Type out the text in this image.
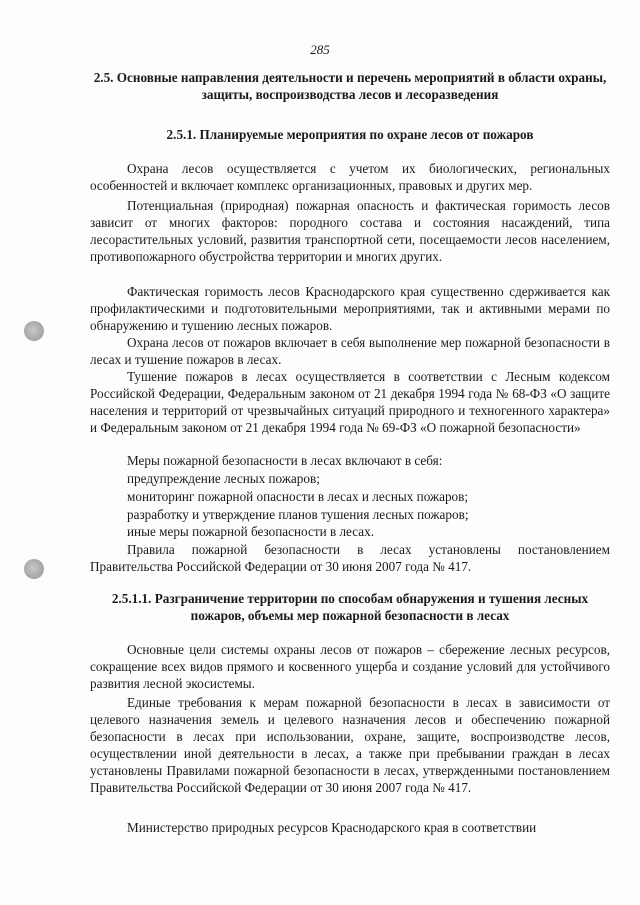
285
2.5. Основные направления деятельности и перечень мероприятий в области охраны, защиты, воспроизводства лесов и лесоразведения
2.5.1. Планируемые мероприятия по охране лесов от пожаров
Охрана лесов осуществляется с учетом их биологических, региональных особенностей и включает комплекс организационных, правовых и других мер.
Потенциальная (природная) пожарная опасность и фактическая горимость лесов зависит от многих факторов: породного состава и состояния насаждений, типа лесорастительных условий, развития транспортной сети, посещаемости лесов населением, противопожарного обустройства территории и многих других.
Фактическая горимость лесов Краснодарского края существенно сдерживается как профилактическими и подготовительными мероприятиями, так и активными мерами по обнаружению и тушению лесных пожаров.
Охрана лесов от пожаров включает в себя выполнение мер пожарной безопасности в лесах и тушение пожаров в лесах.
Тушение пожаров в лесах осуществляется в соответствии с Лесным кодексом Российской Федерации, Федеральным законом от 21 декабря 1994 года № 68-ФЗ «О защите населения и территорий от чрезвычайных ситуаций природного и техногенного характера» и Федеральным законом от 21 декабря 1994 года № 69-ФЗ «О пожарной безопасности»
Меры пожарной безопасности в лесах включают в себя:
предупреждение лесных пожаров;
мониторинг пожарной опасности в лесах и лесных пожаров;
разработку и утверждение планов тушения лесных пожаров;
иные меры пожарной безопасности в лесах.
Правила пожарной безопасности в лесах установлены постановлением Правительства Российской Федерации от 30 июня 2007 года № 417.
2.5.1.1. Разграничение территории по способам обнаружения и тушения лесных пожаров, объемы мер пожарной безопасности в лесах
Основные цели системы охраны лесов от пожаров – сбережение лесных ресурсов, сокращение всех видов прямого и косвенного ущерба и создание условий для устойчивого развития лесной экосистемы.
Единые требования к мерам пожарной безопасности в лесах в зависимости от целевого назначения земель и целевого назначения лесов и обеспечению пожарной безопасности в лесах при использовании, охране, защите, воспроизводстве лесов, осуществлении иной деятельности в лесах, а также при пребывании граждан в лесах установлены Правилами пожарной безопасности в лесах, утвержденными постановлением Правительства Российской Федерации от 30 июня 2007 года № 417.
Министерство природных ресурсов Краснодарского края в соответствии
